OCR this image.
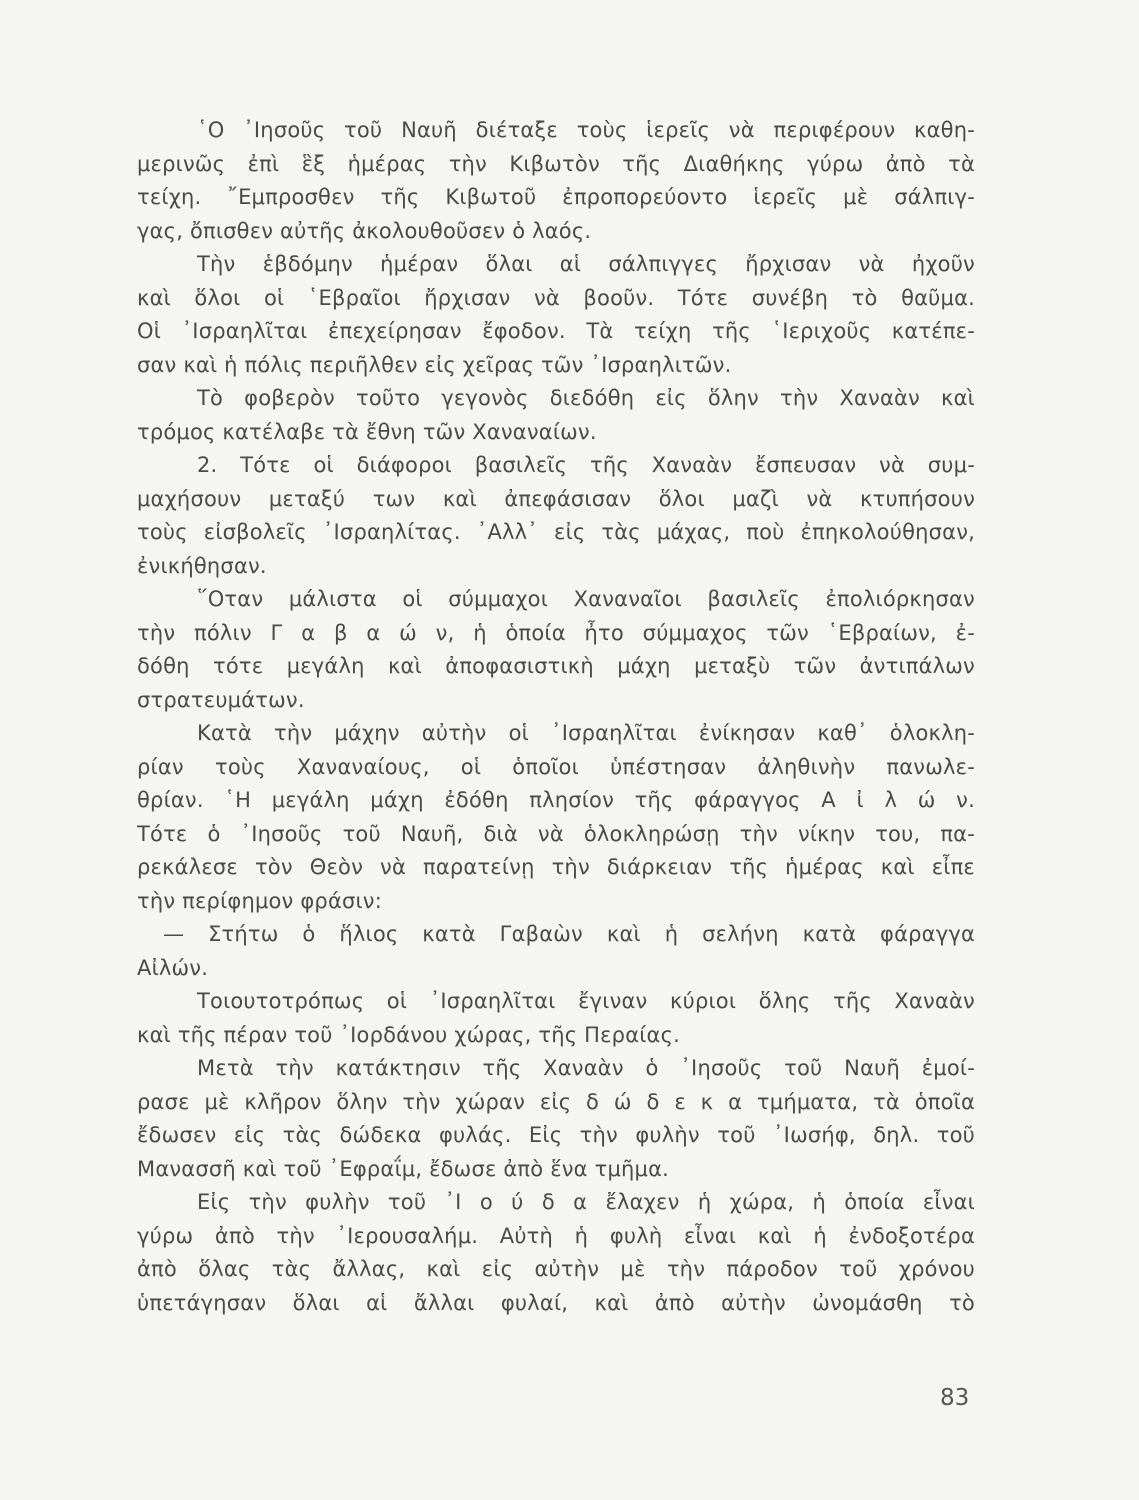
῾Ο ᾿Ιησοῦς τοῦ Ναυῆ διέταξε τοὺς ἱερεῖς νὰ περιφέρουν καθη-
μερινῶς ἐπὶ ἓξ ἡμέρας τὴν Κιβωτὸν τῆς Διαθήκης γύρω ἀπὸ τὰ
τείχη. ῎Εμπροσθεν τῆς Κιβωτοῦ ἐπροπορεύοντο ἱερεῖς μὲ σάλπιγ-
γας, ὄπισθεν αὐτῆς ἀκολουθοῦσεν ὁ λαός.
Τὴν ἑβδόμην ἡμέραν ὅλαι αἱ σάλπιγγες ἤρχισαν νὰ ἠχοῦν
καὶ ὅλοι οἱ ῾Εβραῖοι ἤρχισαν νὰ βοοῦν. Τότε συνέβη τὸ θαῦμα.
Οἱ ᾿Ισραηλῖται ἐπεχείρησαν ἔφοδον. Τὰ τείχη τῆς ῾Ιεριχοῦς κατέπε-
σαν καὶ ἡ πόλις περιῆλθεν εἰς χεῖρας τῶν ᾿Ισραηλιτῶν.
Τὸ φοβερὸν τοῦτο γεγονὸς διεδόθη εἰς ὅλην τὴν Χαναὰν καὶ
τρόμος κατέλαβε τὰ ἔθνη τῶν Χαναναίων.
2. Τότε οἱ διάφοροι βασιλεῖς τῆς Χαναὰν ἔσπευσαν νὰ συμ-
μαχήσουν μεταξύ των καὶ ἀπεφάσισαν ὅλοι μαζὶ νὰ κτυπήσουν
τοὺς εἰσβολεῖς ᾿Ισραηλίτας. ᾿Αλλ᾿ εἰς τὰς μάχας, ποὺ ἐπηκολούθησαν,
ἐνικήθησαν.
῞Οταν μάλιστα οἱ σύμμαχοι Χαναναῖοι βασιλεῖς ἐπολιόρκησαν
τὴν πόλιν Γ α β α ώ ν, ἡ ὁποία ἦτο σύμμαχος τῶν ῾Εβραίων, ἐ-
δόθη τότε μεγάλη καὶ ἀποφασιστικὴ μάχη μεταξὺ τῶν ἀντιπάλων
στρατευμάτων.
Κατὰ τὴν μάχην αὐτὴν οἱ ᾿Ισραηλῖται ἐνίκησαν καθ᾿ ὁλοκλη-
ρίαν τοὺς Χαναναίους, οἱ ὁποῖοι ὑπέστησαν ἀληθινὴν πανωλε-
θρίαν. ῾Η μεγάλη μάχη ἐδόθη πλησίον τῆς φάραγγος Α ἰ λ ώ ν.
Τότε ὁ ᾿Ιησοῦς τοῦ Ναυῆ, διὰ νὰ ὁλοκληρώσῃ τὴν νίκην του, πα-
ρεκάλεσε τὸν Θεὸν νὰ παρατείνῃ τὴν διάρκειαν τῆς ἡμέρας καὶ εἶπε
τὴν περίφημον φράσιν:
— Στήτω ὁ ἥλιος κατὰ Γαβαὼν καὶ ἡ σελήνη κατὰ φάραγγα
Αἰλών.
Τοιουτοτρόπως οἱ ᾿Ισραηλῖται ἔγιναν κύριοι ὅλης τῆς Χαναὰν
καὶ τῆς πέραν τοῦ ᾿Ιορδάνου χώρας, τῆς Περαίας.
Μετὰ τὴν κατάκτησιν τῆς Χαναὰν ὁ ᾿Ιησοῦς τοῦ Ναυῆ ἐμοί-
ρασε μὲ κλῆρον ὅλην τὴν χώραν εἰς δ ώ δ ε κ α τμήματα, τὰ ὁποῖα
ἔδωσεν εἰς τὰς δώδεκα φυλάς. Εἰς τὴν φυλὴν τοῦ ᾿Ιωσήφ, δηλ. τοῦ
Μανασσῆ καὶ τοῦ ᾿Εφραΐμ, ἔδωσε ἀπὸ ἕνα τμῆμα.
Εἰς τὴν φυλὴν τοῦ ᾿Ι ο ύ δ α ἔλαχεν ἡ χώρα, ἡ ὁποία εἶναι
γύρω ἀπὸ τὴν ᾿Ιερουσαλήμ. Αὐτὴ ἡ φυλὴ εἶναι καὶ ἡ ἐνδοξοτέρα
ἀπὸ ὅλας τὰς ἄλλας, καὶ εἰς αὐτὴν μὲ τὴν πάροδον τοῦ χρόνου
ὑπετάγησαν ὅλαι αἱ ἄλλαι φυλαί, καὶ ἀπὸ αὐτὴν ὠνομάσθη τὸ
83
